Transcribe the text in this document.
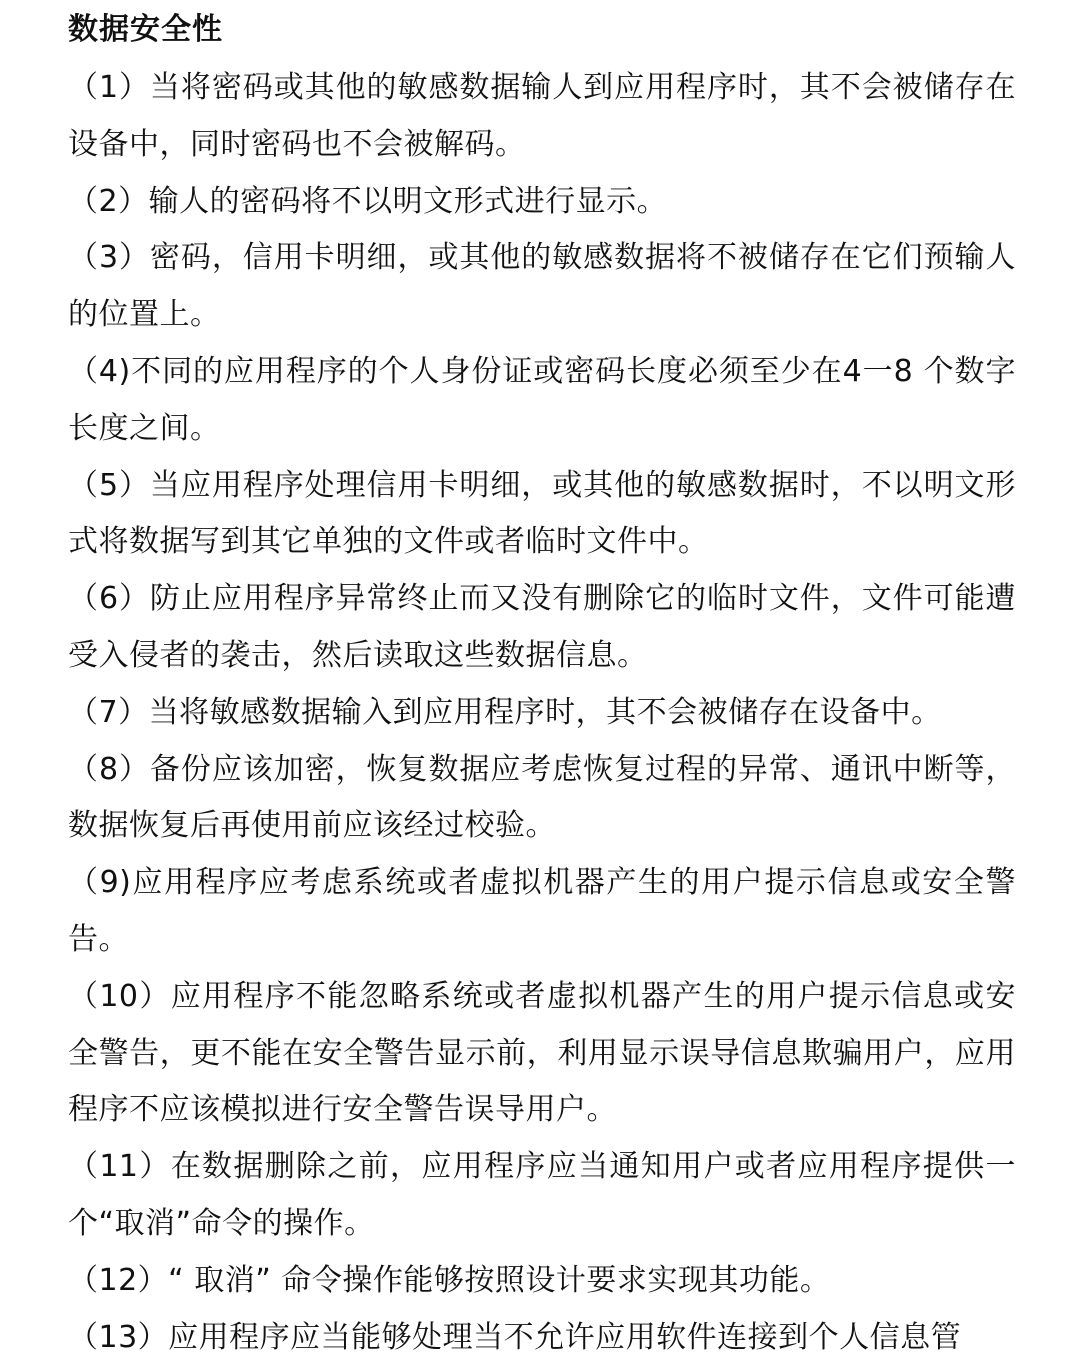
数据安全性

（1）当将密码或其他的敏感数据输人到应用程序时，其不会被储存在设备中，同时密码也不会被解码。

（2）输人的密码将不以明文形式进行显示。

（3）密码，信用卡明细，或其他的敏感数据将不被储存在它们预输人的位置上。

（4)不同的应用程序的个人身份证或密码长度必须至少在4一8 个数字长度之间。

（5）当应用程序处理信用卡明细，或其他的敏感数据时，不以明文形式将数据写到其它单独的文件或者临时文件中。

（6）防止应用程序异常终止而又没有删除它的临时文件，文件可能遭受入侵者的袭击，然后读取这些数据信息。

（7）当将敏感数据输入到应用程序时，其不会被储存在设备中。

（8）备份应该加密，恢复数据应考虑恢复过程的异常、通讯中断等，数据恢复后再使用前应该经过校验。

（9)应用程序应考虑系统或者虚拟机器产生的用户提示信息或安全警告。

（10）应用程序不能忽略系统或者虚拟机器产生的用户提示信息或安全警告，更不能在安全警告显示前，利用显示误导信息欺骗用户，应用程序不应该模拟进行安全警告误导用户。

（11）在数据删除之前，应用程序应当通知用户或者应用程序提供一个“取消”命令的操作。

（12）“ 取消” 命令操作能够按照设计要求实现其功能。

（13）应用程序应当能够处理当不允许应用软件连接到个人信息管
